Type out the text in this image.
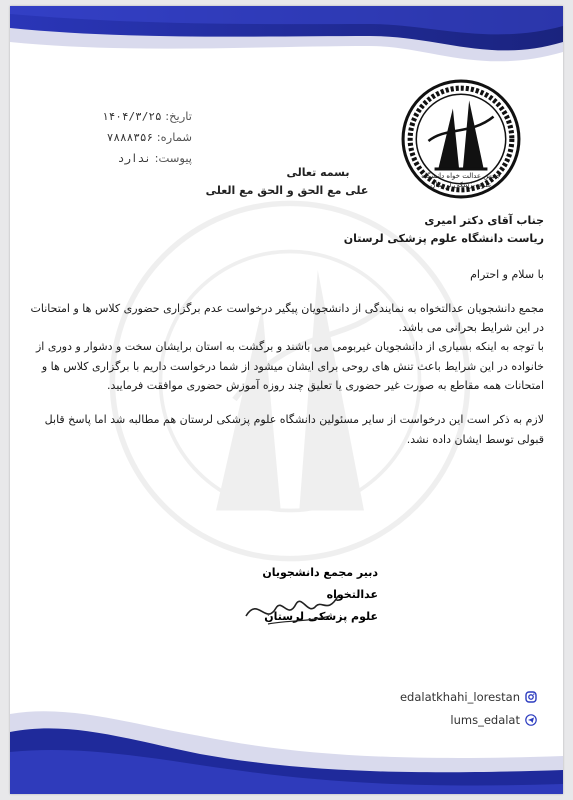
جنبش عدالت خواه دانشگاه
علوم پزشکی لرستان
تاریخ: ۱۴۰۴/۳/۲۵
شماره: ۷۸۸۸۳۵۶
پیوست: ندارد
بسمه تعالی
علی مع الحق و الحق مع العلی
جناب آقای دکتر امیری
ریاست دانشگاه علوم پزشکی لرستان
با سلام و احترام

مجمع دانشجویان عدالتخواه به نمایندگی از دانشجویان پیگیر درخواست عدم برگزاری حضوری کلاس ها و امتحانات در این شرایط بحرانی می باشد.

با توجه به اینکه بسیاری از دانشجویان غیربومی می باشند و برگشت به استان برایشان سخت و دشوار و دوری از خانواده در این شرایط باعث تنش های روحی برای ایشان میشود از شما درخواست داریم با برگزاری کلاس ها و امتحانات همه مقاطع به صورت غیر حضوری یا تعلیق چند روزه آموزش حضوری موافقت فرمایید.

لازم به ذکر است این درخواست از سایر مسئولین دانشگاه علوم پزشکی لرستان هم مطالبه شد اما پاسخ قابل قبولی توسط ایشان داده نشد.
دبیر مجمع دانشجویان عدالتخواه
علوم پزشکی لرستان
edalatkhahi_lorestan
lums_edalat
